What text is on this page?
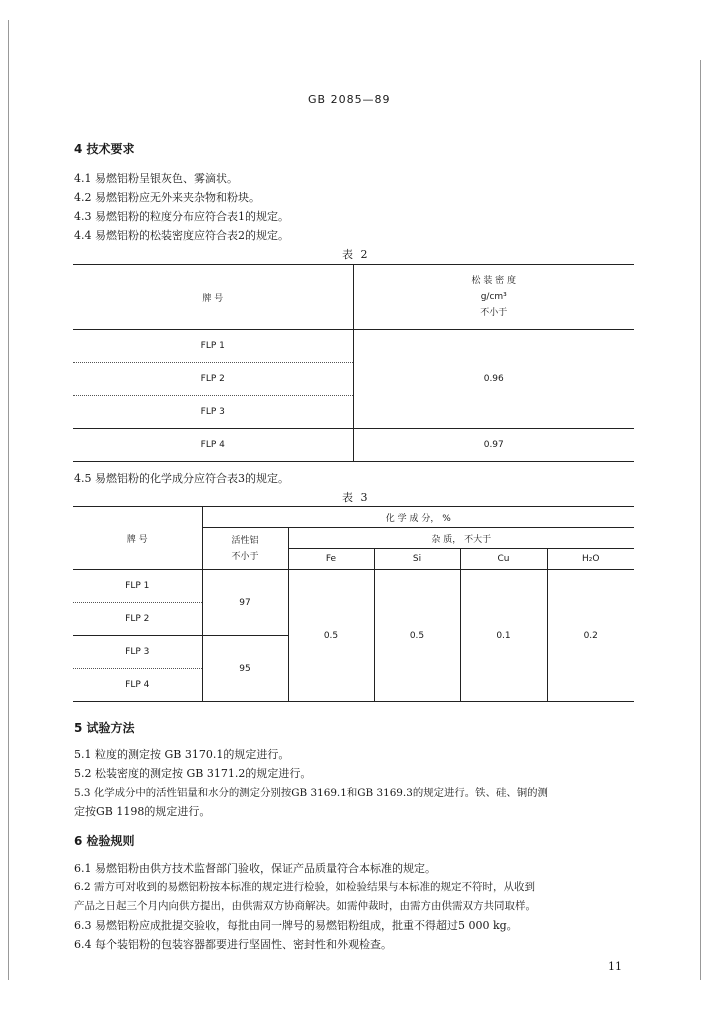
GB 2085—89
4 技术要求
4.1 易燃铝粉呈银灰色、雾滴状。
4.2 易燃铝粉应无外来夹杂物和粉块。
4.3 易燃铝粉的粒度分布应符合表1的规定。
4.4 易燃铝粉的松装密度应符合表2的规定。
表 2
牌 号	松 装 密 度
g/cm³
不小于

FLP 1	0.96
FLP 2	
FLP 3	
FLP 4	0.97
4.5 易燃铝粉的化学成分应符合表3的规定。
表 3
牌 号	化 学 成 分， %				

	活性铝
不小于	杂 质， 不大于			
		Fe	Si	Cu	H₂O
FLP 1	97	0.5	0.5	0.1	0.2
FLP 2					
FLP 3	95				
FLP 4					
5 试验方法
5.1 粒度的测定按 GB 3170.1的规定进行。
5.2 松装密度的测定按 GB 3171.2的规定进行。
5.3 化学成分中的活性铝量和水分的测定分别按GB 3169.1和GB 3169.3的规定进行。铁、硅、铜的测
定按GB 1198的规定进行。
6 检验规则
6.1 易燃铝粉由供方技术监督部门验收，保证产品质量符合本标准的规定。
6.2 需方可对收到的易燃铝粉按本标准的规定进行检验，如检验结果与本标准的规定不符时，从收到
产品之日起三个月内向供方提出，由供需双方协商解决。如需仲裁时，由需方由供需双方共同取样。
6.3 易燃铝粉应成批提交验收，每批由同一牌号的易燃铝粉组成，批重不得超过5 000 kg。
6.4 每个装铝粉的包装容器都要进行坚固性、密封性和外观检查。
11
